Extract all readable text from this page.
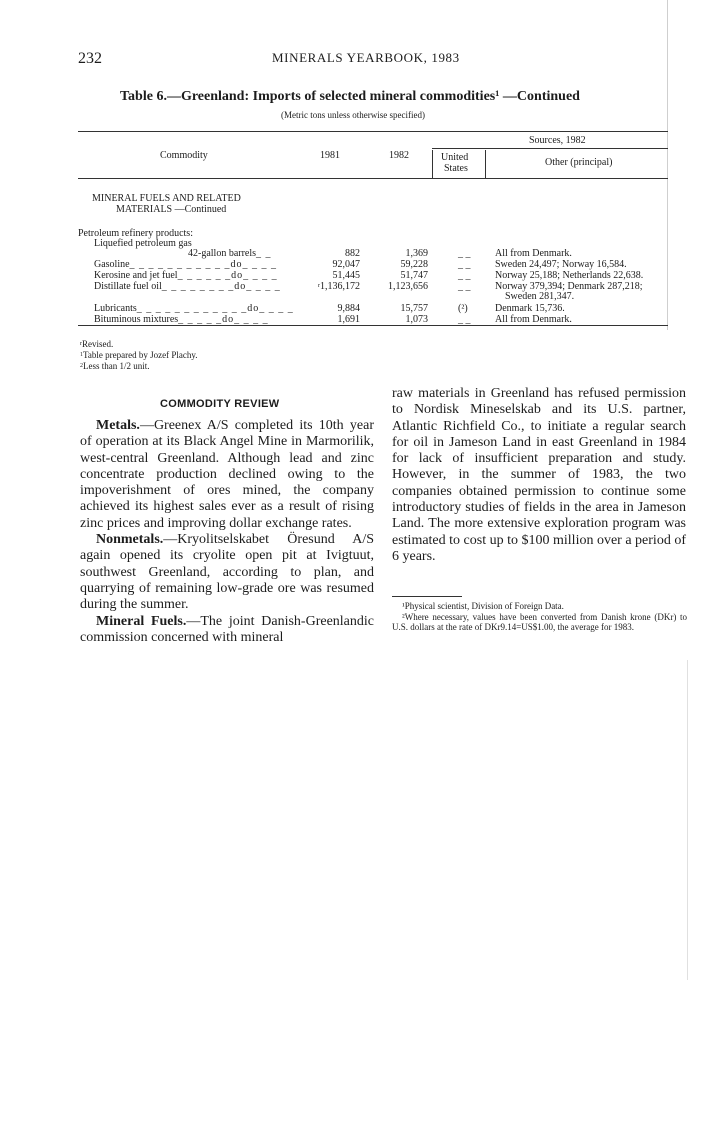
232	MINERALS YEARBOOK, 1983
Table 6.—Greenland: Imports of selected mineral commodities¹ —Continued
(Metric tons unless otherwise specified)
Commodity	1981	1982
Sources, 1982
United
States
Other (principal)
MINERAL FUELS AND RELATED
MATERIALS —Continued
Petroleum refinery products:
Liquefied petroleum gas
42-gallon barrels_ _	882	1,369	_ _ All from Denmark.
Gasoline_ _ _ _ _ _ _ _ _ _ _do_ _ _ _	92,047	59,228	_ _ Sweden 24,497; Norway 16,584.
Kerosine and jet fuel_ _ _ _ _ _do_ _ _ _	51,445	51,747	_ _ Norway 25,188; Netherlands 22,638.
Distillate fuel oil_ _ _ _ _ _ _ _do_ _ _ _	$^r$1,136,172	1,123,656	_ _ Norway 379,394; Denmark 287,218;
Sweden 281,347.
Lubricants_ _ _ _ _ _ _ _ _ _ _ _do_ _ _ _	9,884	15,757	(²)	Denmark 15,736.
Bituminous mixtures_ _ _ _ _do_ _ _ _	1,691	1,073	_ _ All from Denmark.
$^r$Revised.
$^1$Table prepared by Jozef Plachy.
$^2$Less than 1/2 unit.
COMMODITY REVIEW

Metals.—Greenex A/S completed its 10th year of operation at its Black Angel Mine in Marmorilik, west-central Greenland. Although lead and zinc concentrate production declined owing to the impoverishment of ores mined, the company achieved its highest sales ever as a result of rising zinc prices and improving dollar exchange rates.

Nonmetals.—Kryolitselskabet Öresund A/S again opened its cryolite open pit at Ivigtuut, southwest Greenland, according to plan, and quarrying of remaining low-grade ore was resumed during the summer.

Mineral Fuels.—The joint Danish-Greenlandic commission concerned with mineral

raw materials in Greenland has refused permission to Nordisk Mineselskab and its U.S. partner, Atlantic Richfield Co., to initiate a regular search for oil in Jameson Land in east Greenland in 1984 for lack of insufficient preparation and study. However, in the summer of 1983, the two companies obtained permission to continue some introductory studies of fields in the area in Jameson Land. The more extensive exploration program was estimated to cost up to $100 million over a period of 6 years.

¹Physical scientist, Division of Foreign Data.

²Where necessary, values have been converted from Danish krone (DKr) to U.S. dollars at the rate of DKr9.14=US$1.00, the average for 1983.
